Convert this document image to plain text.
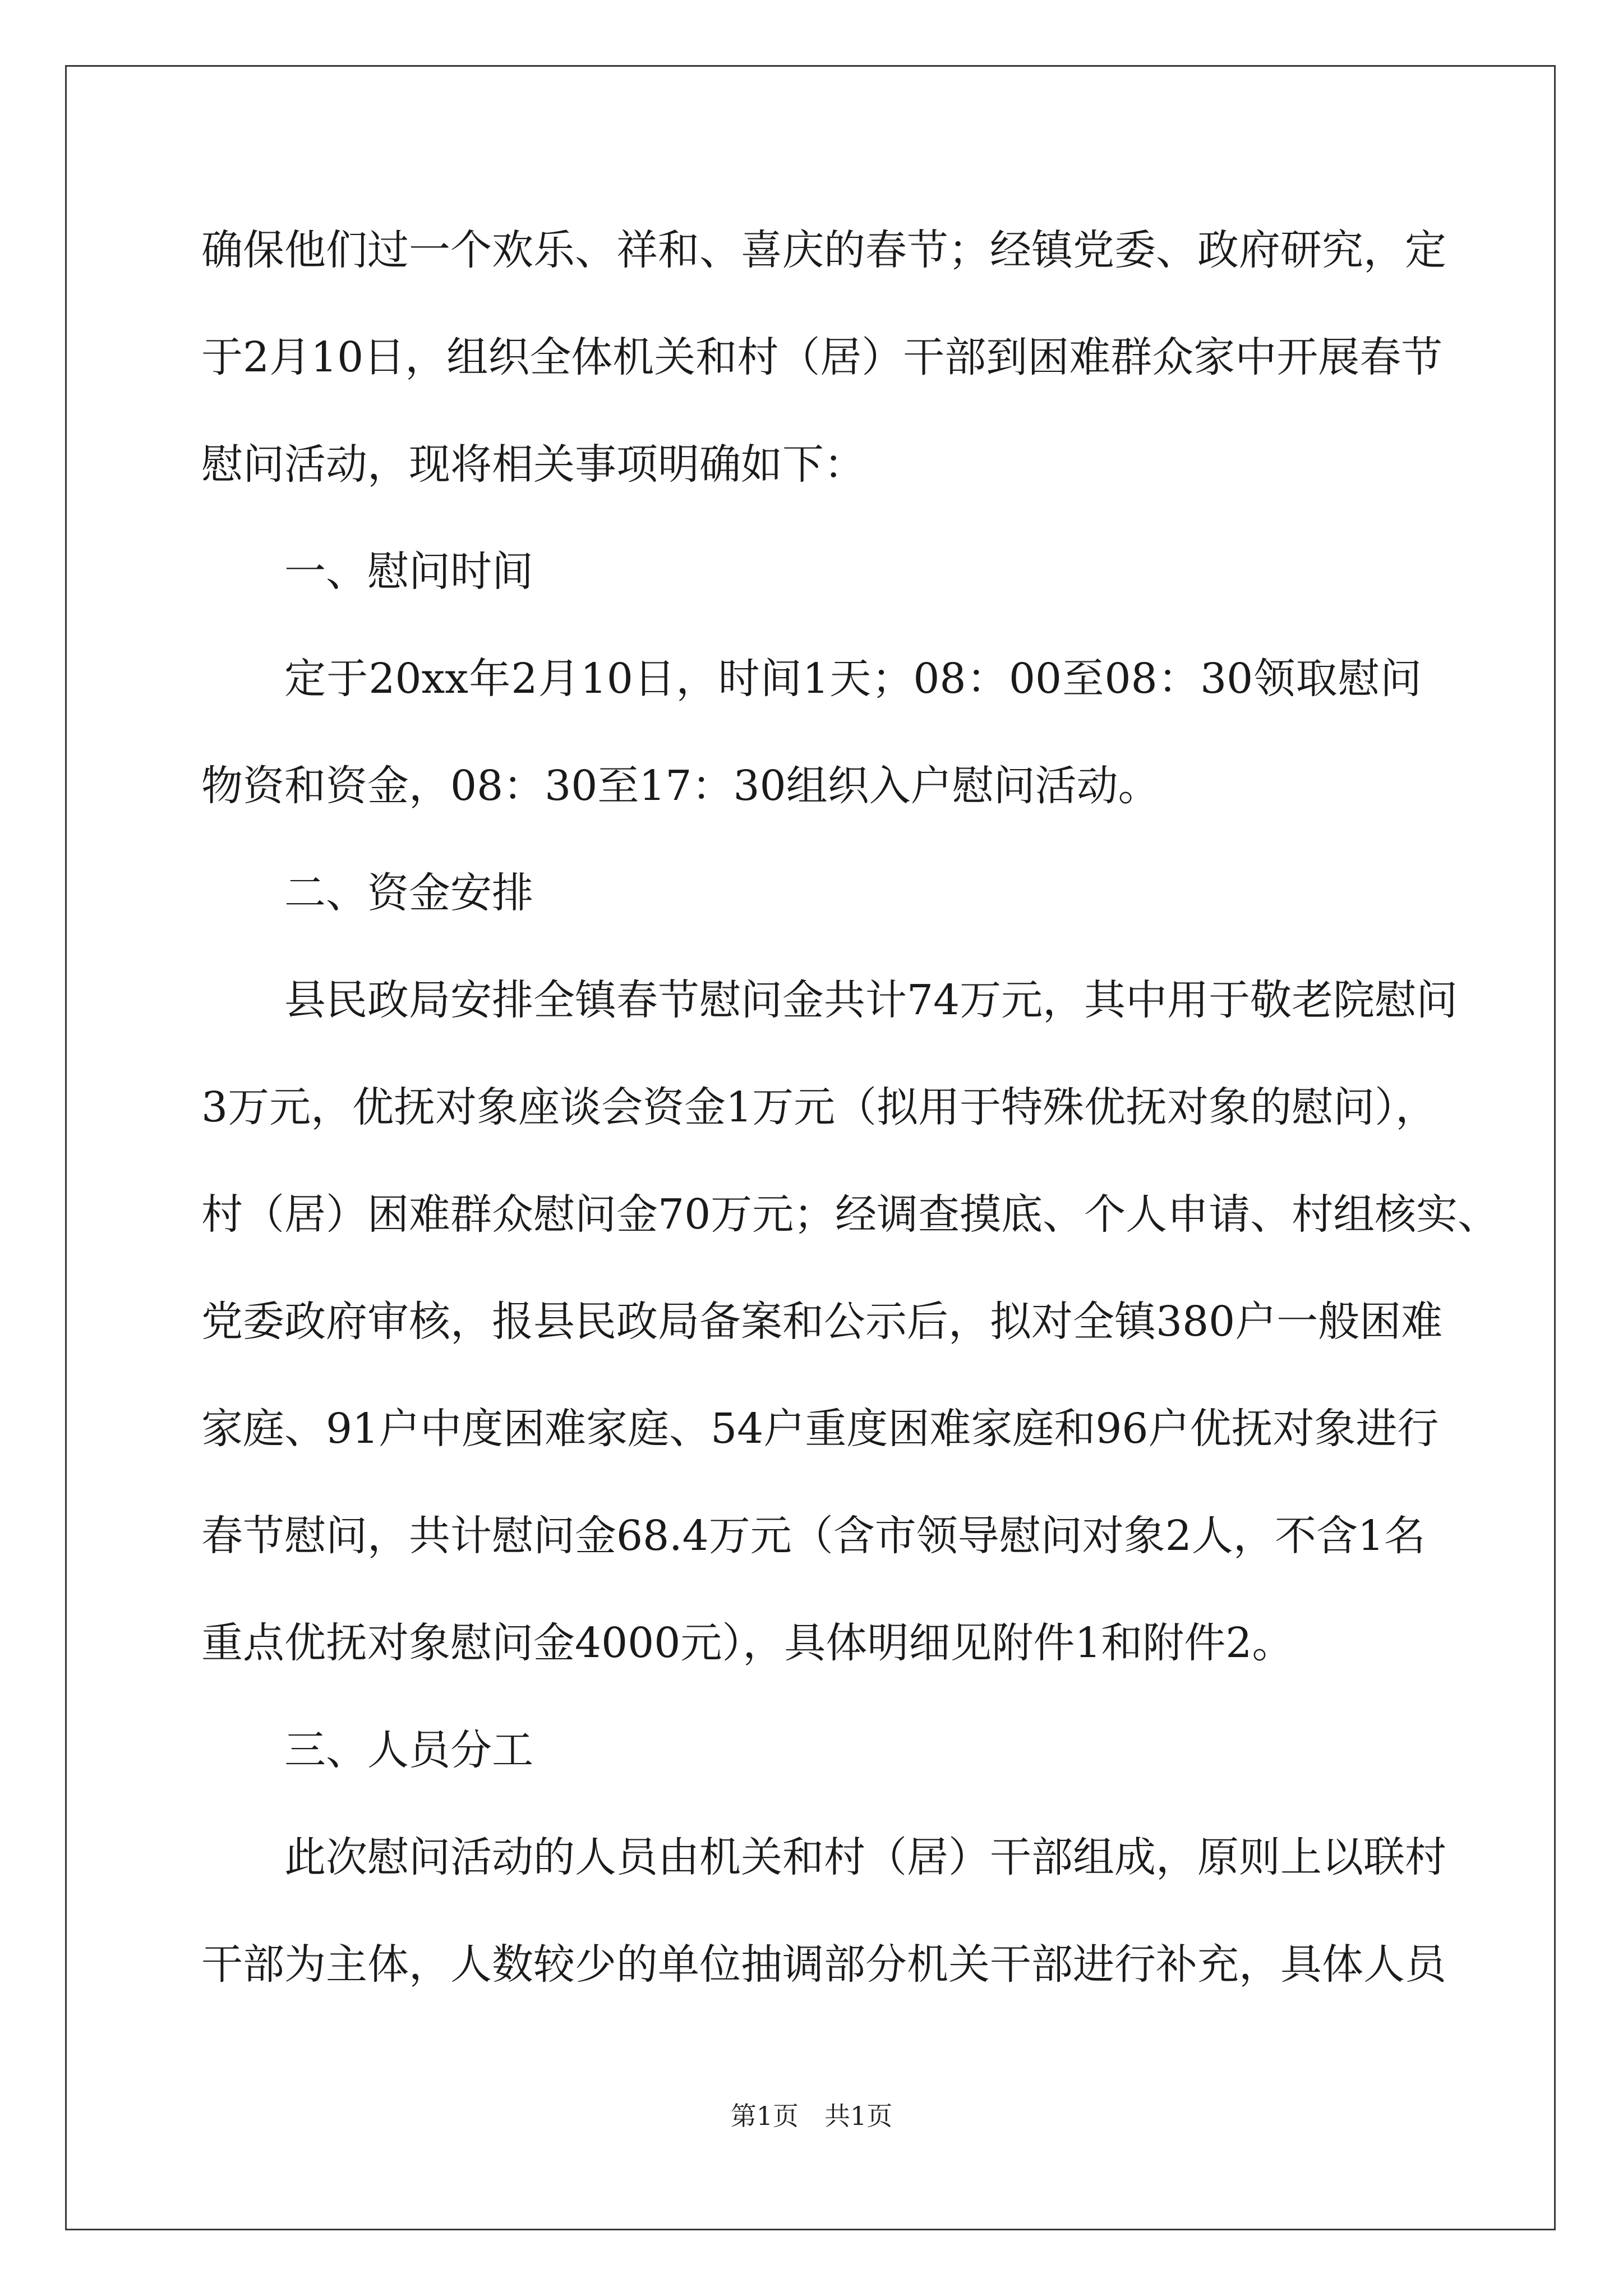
确保他们过一个欢乐、祥和、喜庆的春节；经镇党委、政府研究，定
于2月10日，组织全体机关和村（居）干部到困难群众家中开展春节
慰问活动，现将相关事项明确如下：
一、慰问时间
定于20xx年2月10日，时间1天；08：00至08：30领取慰问
物资和资金，08：30至17：30组织入户慰问活动。
二、资金安排
县民政局安排全镇春节慰问金共计74万元，其中用于敬老院慰问
3万元，优抚对象座谈会资金1万元（拟用于特殊优抚对象的慰问），
村（居）困难群众慰问金70万元；经调查摸底、个人申请、村组核实、
党委政府审核，报县民政局备案和公示后，拟对全镇380户一般困难
家庭、91户中度困难家庭、54户重度困难家庭和96户优抚对象进行
春节慰问，共计慰问金68.4万元（含市领导慰问对象2人，不含1名
重点优抚对象慰问金4000元），具体明细见附件1和附件2。
三、人员分工
此次慰问活动的人员由机关和村（居）干部组成，原则上以联村
干部为主体，人数较少的单位抽调部分机关干部进行补充，具体人员
第1页　共1页
